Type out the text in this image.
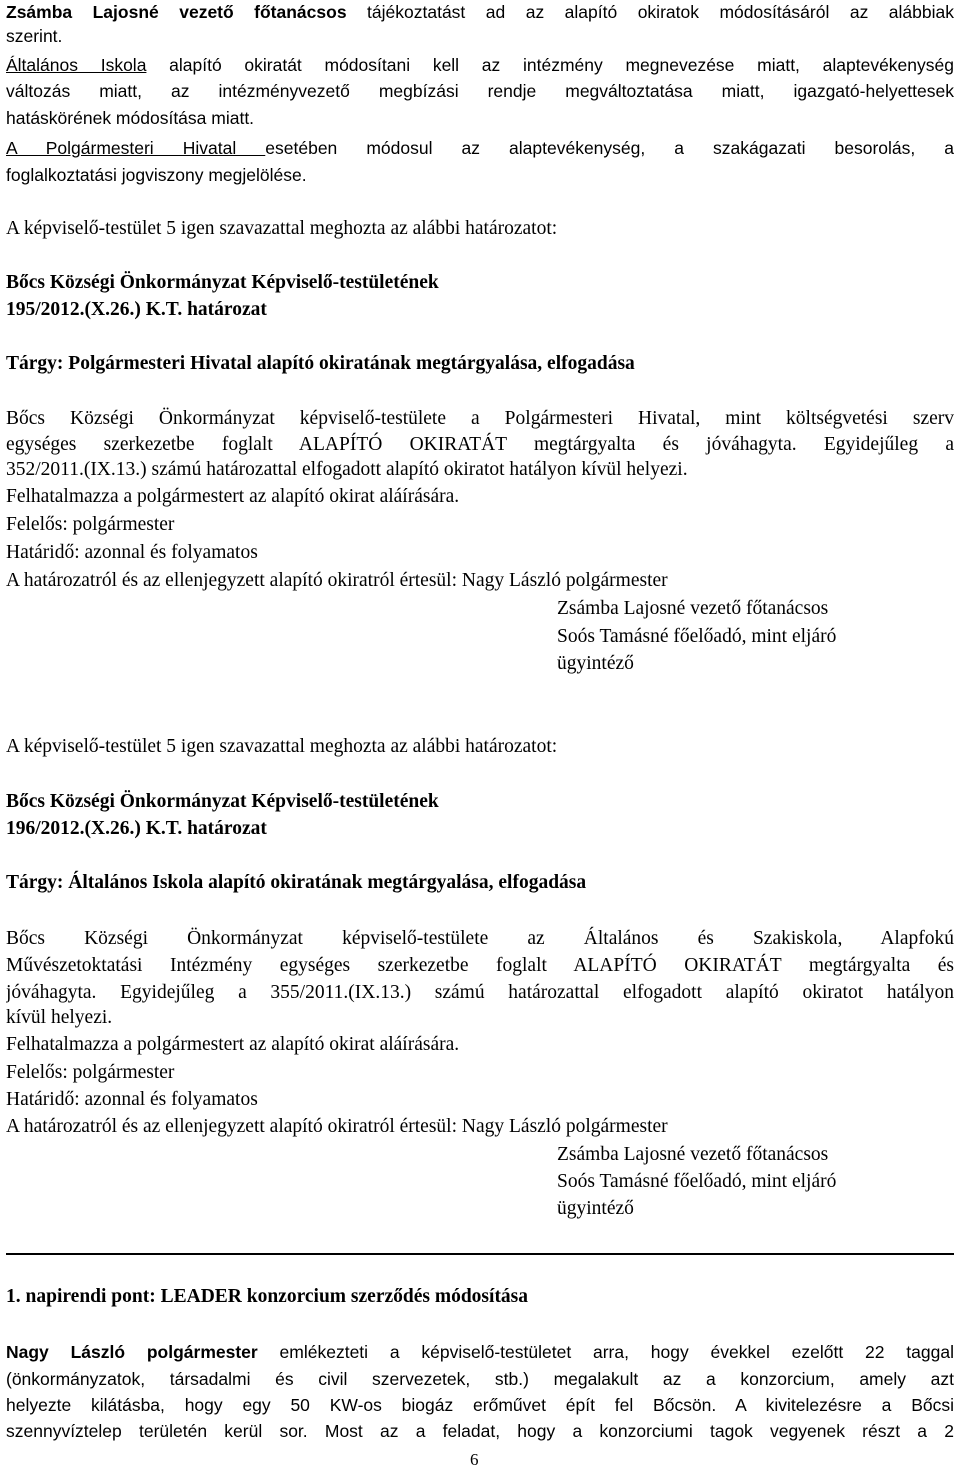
Zsámba Lajosné vezető főtanácsos tájékoztatást ad az alapító okiratok módosításáról az alábbiak
szerint.
Általános Iskola alapító okiratát módosítani kell az intézmény megnevezése miatt, alaptevékenység
változás miatt, az intézményvezető megbízási rendje megváltoztatása miatt, igazgató-helyettesek
hatáskörének módosítása miatt.
A Polgármesteri Hivatal esetében módosul az alaptevékenység, a szakágazati besorolás, a
foglalkoztatási jogviszony megjelölése.
A képviselő-testület 5 igen szavazattal meghozta az alábbi határozatot:
Bőcs Községi Önkormányzat Képviselő-testületének
195/2012.(X.26.) K.T. határozat
Tárgy: Polgármesteri Hivatal alapító okiratának megtárgyalása, elfogadása
Bőcs Községi Önkormányzat képviselő-testülete a Polgármesteri Hivatal, mint költségvetési szerv
egységes szerkezetbe foglalt ALAPÍTÓ OKIRATÁT megtárgyalta és jóváhagyta. Egyidejűleg a
352/2011.(IX.13.) számú határozattal elfogadott alapító okiratot hatályon kívül helyezi.
Felhatalmazza a polgármestert az alapító okirat aláírására.
Felelős: polgármester
Határidő: azonnal és folyamatos
A határozatról és az ellenjegyzett alapító okiratról értesül: Nagy László polgármester
Zsámba Lajosné vezető főtanácsos
Soós Tamásné főelőadó, mint eljáró
ügyintéző
A képviselő-testület 5 igen szavazattal meghozta az alábbi határozatot:
Bőcs Községi Önkormányzat Képviselő-testületének
196/2012.(X.26.) K.T. határozat
Tárgy: Általános Iskola alapító okiratának megtárgyalása, elfogadása
Bőcs Községi Önkormányzat képviselő-testülete az Általános és Szakiskola, Alapfokú
Művészetoktatási Intézmény egységes szerkezetbe foglalt ALAPÍTÓ OKIRATÁT megtárgyalta és
jóváhagyta. Egyidejűleg a 355/2011.(IX.13.) számú határozattal elfogadott alapító okiratot hatályon
kívül helyezi.
Felhatalmazza a polgármestert az alapító okirat aláírására.
Felelős: polgármester
Határidő: azonnal és folyamatos
A határozatról és az ellenjegyzett alapító okiratról értesül: Nagy László polgármester
Zsámba Lajosné vezető főtanácsos
Soós Tamásné főelőadó, mint eljáró
ügyintéző
1. napirendi pont: LEADER konzorcium szerződés módosítása
Nagy László polgármester emlékezteti a képviselő-testületet arra, hogy évekkel ezelőtt 22 taggal
(önkormányzatok, társadalmi és civil szervezetek, stb.) megalakult az a konzorcium, amely azt
helyezte kilátásba, hogy egy 50 KW-os biogáz erőművet épít fel Bőcsön. A kivitelezésre a Bőcsi
szennyvíztelep területén kerül sor. Most az a feladat, hogy a konzorciumi tagok vegyenek részt a 2
6
